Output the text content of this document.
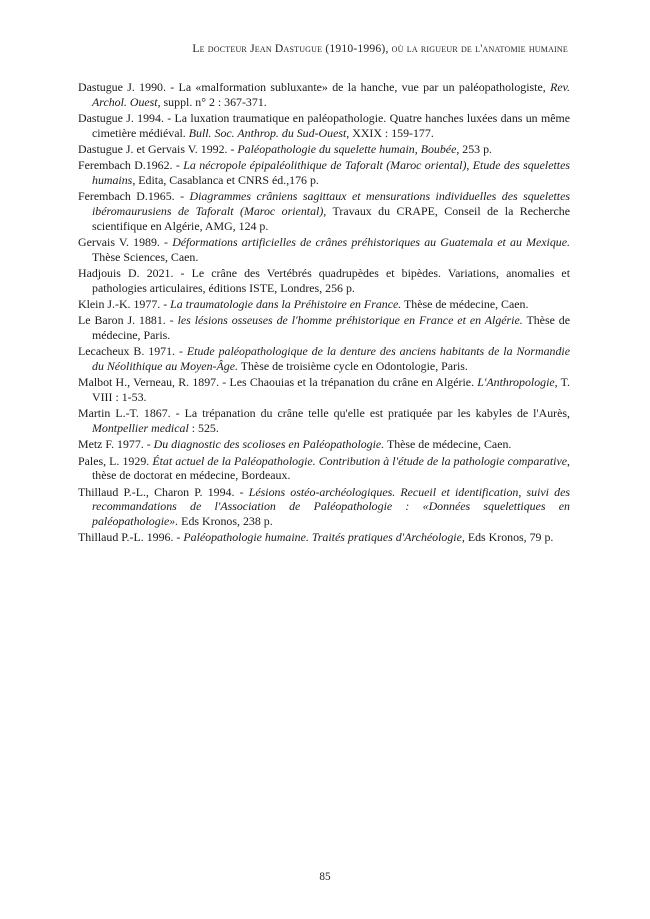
Le docteur Jean Dastugue (1910-1996), où la rigueur de l'anatomie humaine

Dastugue J. 1990. - La «malformation subluxante» de la hanche, vue par un paléopathologiste, Rev. Archol. Ouest, suppl. n° 2 : 367-371.

Dastugue J. 1994. - La luxation traumatique en paléopathologie. Quatre hanches luxées dans un même cimetière médiéval. Bull. Soc. Anthrop. du Sud-Ouest, XXIX : 159-177.

Dastugue J. et Gervais V. 1992. - Paléopathologie du squelette humain, Boubée, 253 p.

Ferembach D.1962. - La nécropole épipaléolithique de Taforalt (Maroc oriental), Etude des squelettes humains, Edita, Casablanca et CNRS éd.,176 p.

Ferembach D.1965. - Diagrammes crâniens sagittaux et mensurations individuelles des squelettes ibéromaurusiens de Taforalt (Maroc oriental), Travaux du CRAPE, Conseil de la Recherche scientifique en Algérie, AMG, 124 p.

Gervais V. 1989. - Déformations artificielles de crânes préhistoriques au Guatemala et au Mexique. Thèse Sciences, Caen.

Hadjouis D. 2021. - Le crâne des Vertébrés quadrupèdes et bipèdes. Variations, anomalies et pathologies articulaires, éditions ISTE, Londres, 256 p.

Klein J.-K. 1977. - La traumatologie dans la Préhistoire en France. Thèse de médecine, Caen.

Le Baron J. 1881. - les lésions osseuses de l'homme préhistorique en France et en Algérie. Thèse de médecine, Paris.

Lecacheux B. 1971. - Etude paléopathologique de la denture des anciens habitants de la Normandie du Néolithique au Moyen-Âge. Thèse de troisième cycle en Odontologie, Paris.

Malbot H., Verneau, R. 1897. - Les Chaouias et la trépanation du crâne en Algérie. L'Anthropologie, T. VIII : 1-53.

Martin L.-T. 1867. - La trépanation du crâne telle qu'elle est pratiquée par les kabyles de l'Aurès, Montpellier medical : 525.

Metz F. 1977. - Du diagnostic des scolioses en Paléopathologie. Thèse de médecine, Caen.

Pales, L. 1929. État actuel de la Paléopathologie. Contribution à l'étude de la pathologie comparative, thèse de doctorat en médecine, Bordeaux.

Thillaud P.-L., Charon P. 1994. - Lésions ostéo-archéologiques. Recueil et identification, suivi des recommandations de l'Association de Paléopathologie : «Données squelettiques en paléopathologie». Eds Kronos, 238 p.

Thillaud P.-L. 1996. - Paléopathologie humaine. Traités pratiques d'Archéologie, Eds Kronos, 79 p.

85
